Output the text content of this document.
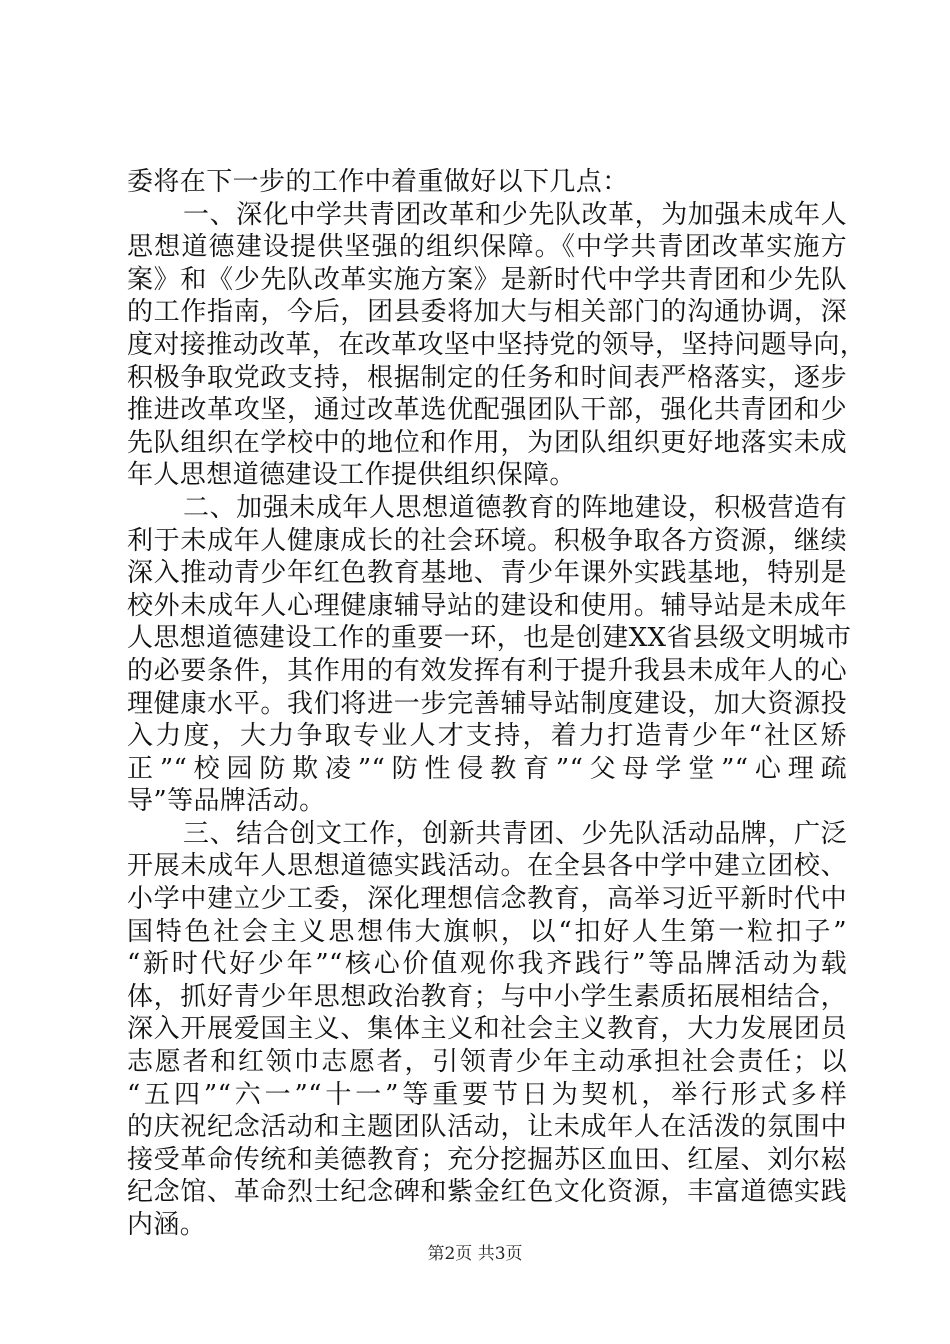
委将在下一步的工作中着重做好以下几点：
一、深化中学共青团改革和少先队改革，为加强未成年人
思想道德建设提供坚强的组织保障。《中学共青团改革实施方
案》和《少先队改革实施方案》是新时代中学共青团和少先队
的工作指南，今后，团县委将加大与相关部门的沟通协调，深
度对接推动改革，在改革攻坚中坚持党的领导，坚持问题导向，
积极争取党政支持，根据制定的任务和时间表严格落实，逐步
推进改革攻坚，通过改革选优配强团队干部，强化共青团和少
先队组织在学校中的地位和作用，为团队组织更好地落实未成
年人思想道德建设工作提供组织保障。
二、加强未成年人思想道德教育的阵地建设，积极营造有
利于未成年人健康成长的社会环境。积极争取各方资源，继续
深入推动青少年红色教育基地、青少年课外实践基地，特别是
校外未成年人心理健康辅导站的建设和使用。辅导站是未成年
人思想道德建设工作的重要一环，也是创建XX省县级文明城市
的必要条件，其作用的有效发挥有利于提升我县未成年人的心
理健康水平。我们将进一步完善辅导站制度建设，加大资源投
入力度，大力争取专业人才支持，着力打造青少年“社区矫
正”“校园防欺凌”“防性侵教育”“父母学堂”“心理疏
导”等品牌活动。
三、结合创文工作，创新共青团、少先队活动品牌，广泛
开展未成年人思想道德实践活动。在全县各中学中建立团校、
小学中建立少工委，深化理想信念教育，高举习近平新时代中
国特色社会主义思想伟大旗帜，以“扣好人生第一粒扣子”
“新时代好少年”“核心价值观你我齐践行”等品牌活动为载
体，抓好青少年思想政治教育；与中小学生素质拓展相结合，
深入开展爱国主义、集体主义和社会主义教育，大力发展团员
志愿者和红领巾志愿者，引领青少年主动承担社会责任；以
“五四”“六一”“十一”等重要节日为契机，举行形式多样
的庆祝纪念活动和主题团队活动，让未成年人在活泼的氛围中
接受革命传统和美德教育；充分挖掘苏区血田、红屋、刘尔崧
纪念馆、革命烈士纪念碑和紫金红色文化资源，丰富道德实践
内涵。
第2页 共3页
